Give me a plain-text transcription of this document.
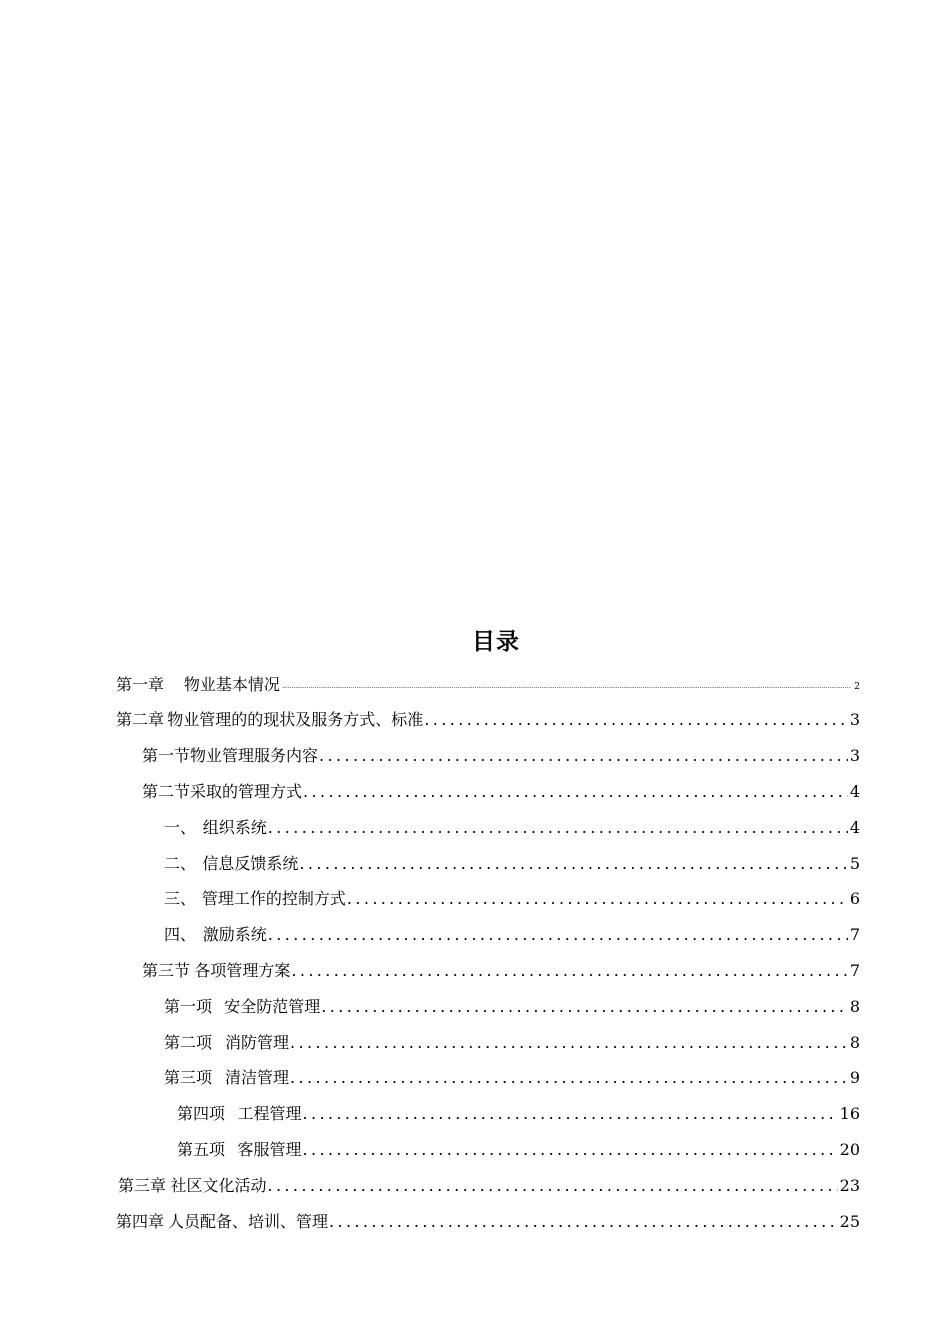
目录
第一章 物业基本情况 .....	2
第二章 物业管理的的现状及服务方式、标准 .....	3
第一节 物业管理服务内容 .....	3
第二节 采取的管理方式 .....	4
一、 组织系统 .....	4
二、 信息反馈系统 .....	5
三、 管理工作的控制方式 .....	6
四、 激励系统 .....	7
第三节 各项管理方案 .....	7
第一项 安全防范管理 .....	8
第二项 消防管理 .....	8
第三项 清洁管理 .....	9
第四项 工程管理 .....	16
第五项 客服管理 .....	20
第三章 社区文化活动 .....	23
第四章 人员配备、培训、管理 .....	25
